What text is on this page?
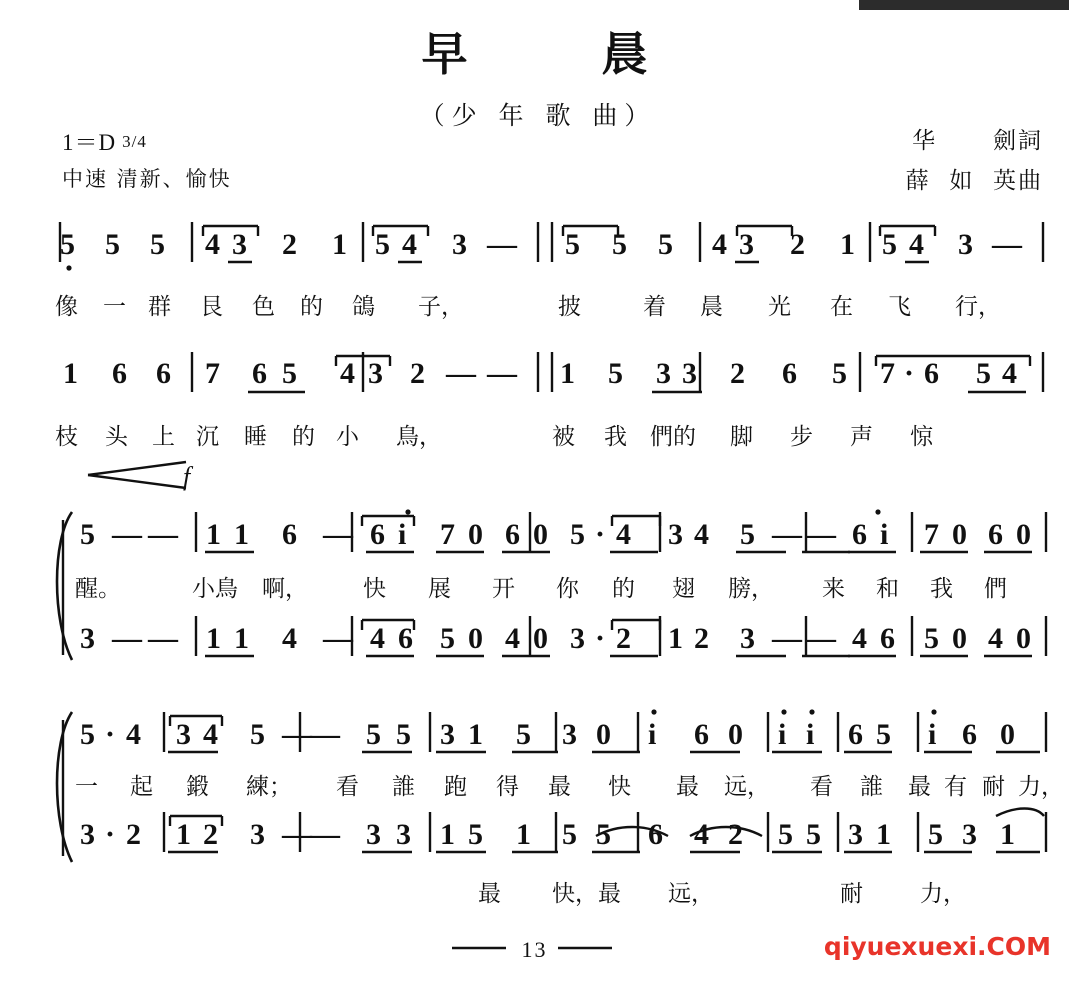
早  晨
（少 年 歌 曲）
1＝D 3/4
中速 清新、愉快
华      劍詞
薛  如  英曲
5 5 5 4 3 2 1 5 4 3 — 5 5 5 4 3 2 1 5 4 3 —
像 一 群 艮 色 的 鴿 子，	披	着 晨 光 在 飞 行，
1 6 6 7 6 5 4 3 2 — — 1 5 3 3 2 6 5 7 · 6 5 4
枝 头 上 沉 睡 的 小 鳥，	被 我 們的 脚 步 声 惊
f
5 — — 1 1 6 — 6 i 7 0 6 0 5 · 4 3 4 5 — — 6 i 7 0 6 0
醒。	小鳥 啊， 快 展 开 你 的 翅 膀， 来 和 我 們
3 — — 1 1 4 — 4 6 5 0 4 0 3 · 2 1 2 3 — — 4 6 5 0 4 0
5 · 4 3 4 5 —
— 5 5 3 1 5 3 0 i 6 0 i i 6 5 i 6 0
一 起 鍛 練； 看 誰 跑 得 最 快 最 远， 看 誰 最 有 耐 力，
3 · 2 1 2 3 —
— 3 3 1 5 1 5 5 6 4 2 5 5 3 1 5 3 1
最 快，最 远，	耐 力，
13	qiyuexuexi.COM
